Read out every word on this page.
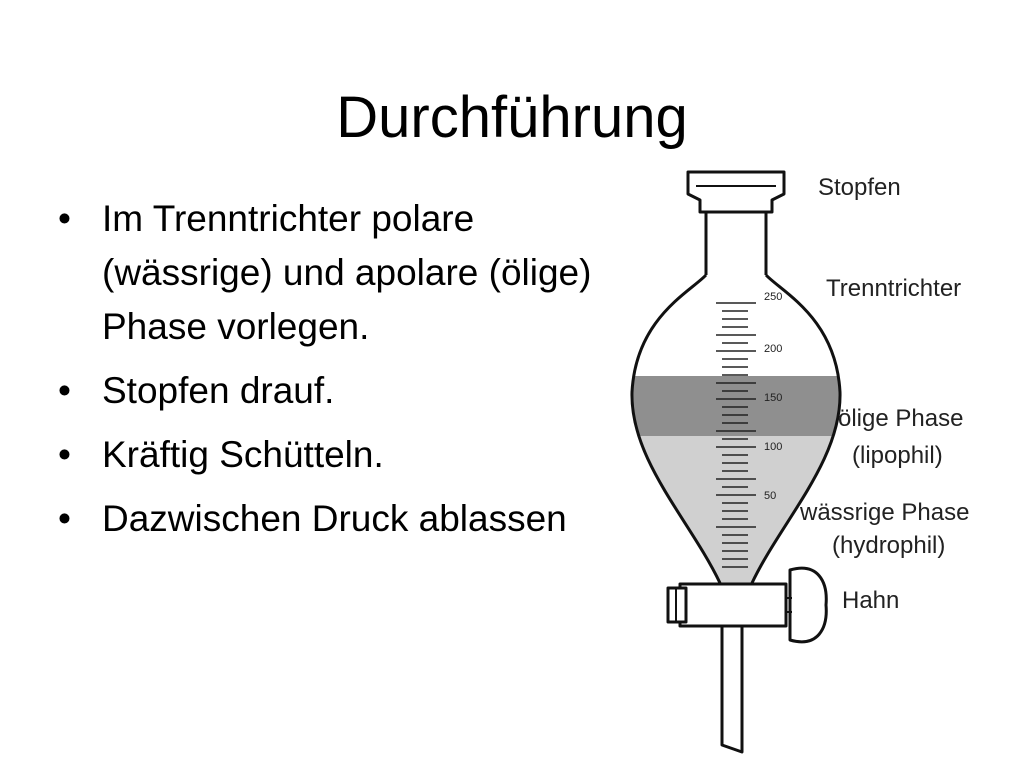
Durchführung
• Im Trenntrichter polare (wässrige) und apolare (ölige) Phase vorlegen.
• Stopfen drauf.
• Kräftig Schütteln.
• Dazwischen Druck ablassen
250
200
150
100
50
Stopfen
Trenntrichter
ölige Phase
(lipophil)
wässrige Phase
(hydrophil)
Hahn
